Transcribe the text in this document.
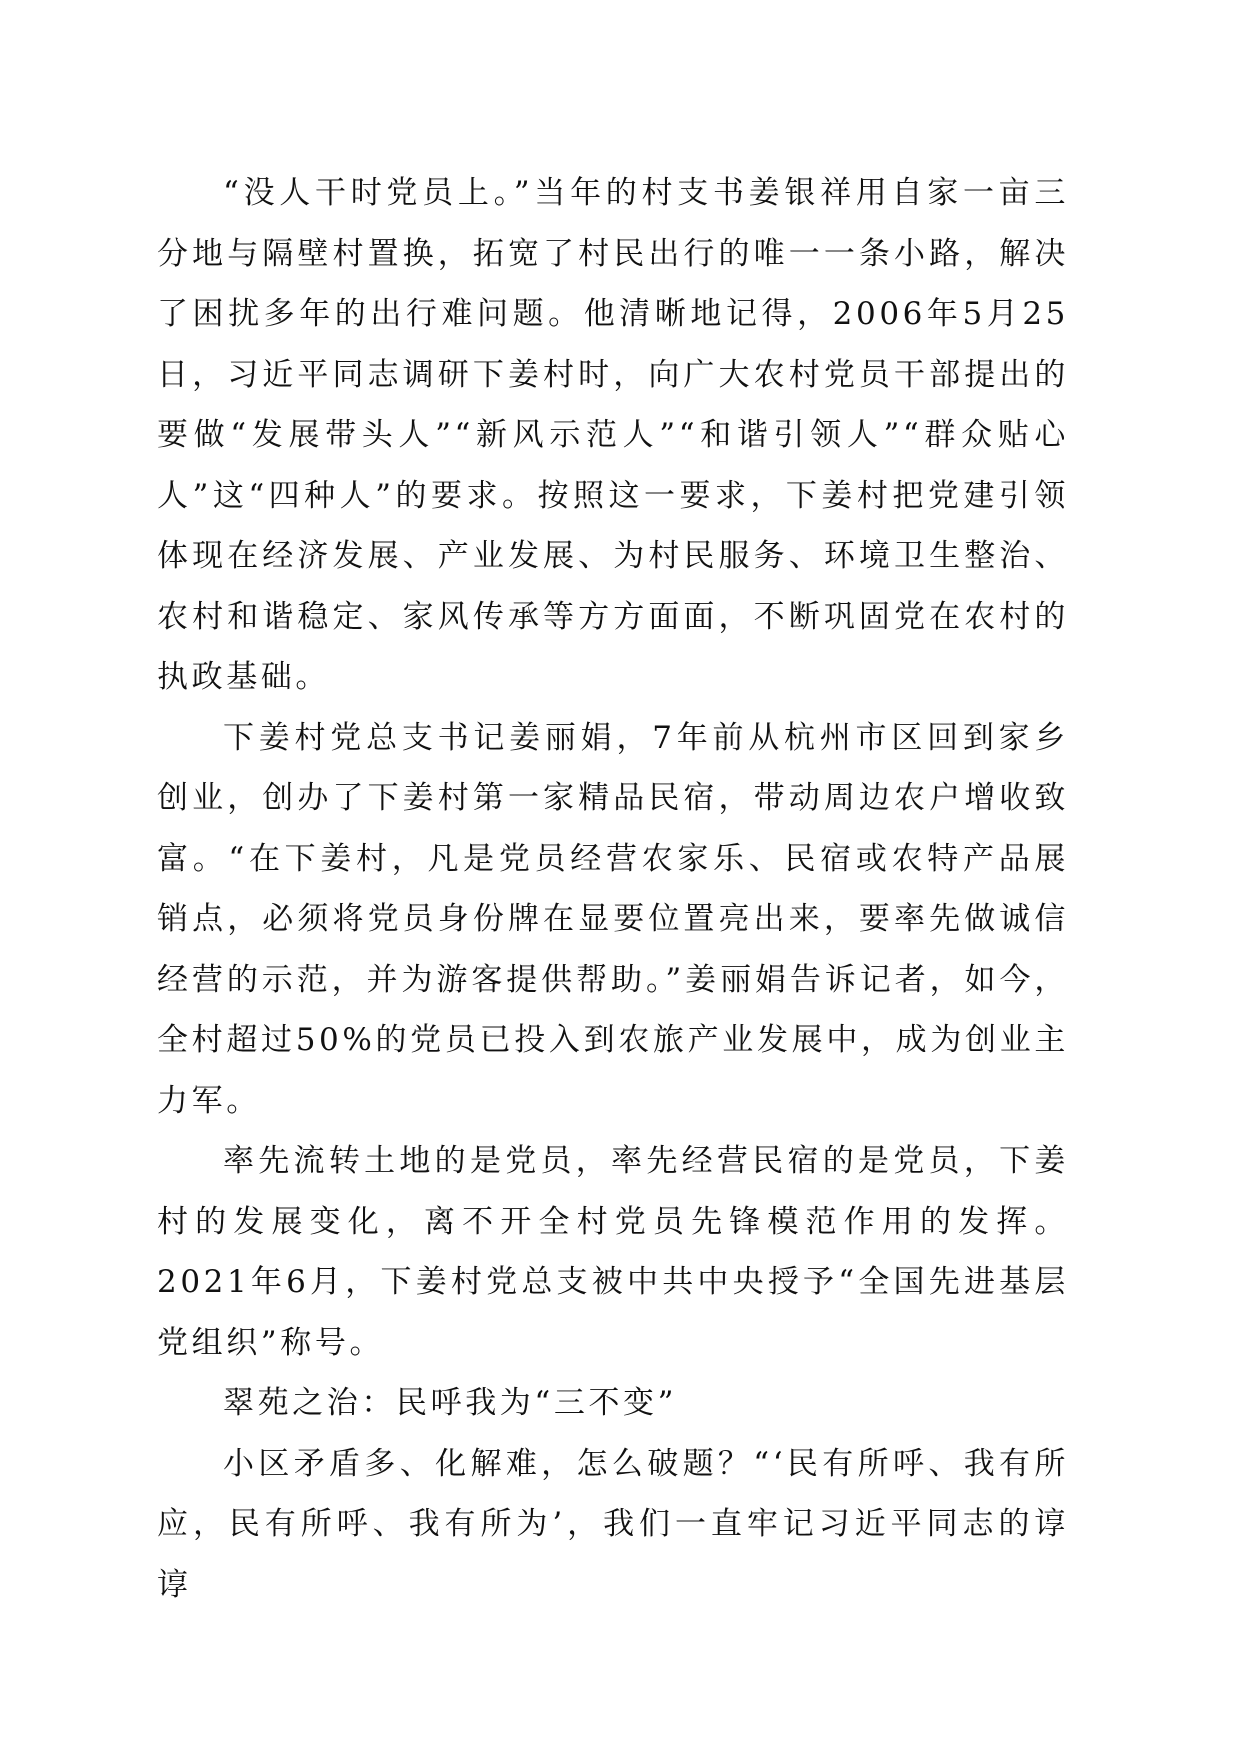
“没人干时党员上。”当年的村支书姜银祥用自家一亩三分地与隔壁村置换，拓宽了村民出行的唯一一条小路，解决了困扰多年的出行难问题。他清晰地记得，2006年5月25日，习近平同志调研下姜村时，向广大农村党员干部提出的要做“发展带头人”“新风示范人”“和谐引领人”“群众贴心人”这“四种人”的要求。按照这一要求，下姜村把党建引领体现在经济发展、产业发展、为村民服务、环境卫生整治、农村和谐稳定、家风传承等方方面面，不断巩固党在农村的执政基础。

下姜村党总支书记姜丽娟，7年前从杭州市区回到家乡创业，创办了下姜村第一家精品民宿，带动周边农户增收致富。“在下姜村，凡是党员经营农家乐、民宿或农特产品展销点，必须将党员身份牌在显要位置亮出来，要率先做诚信经营的示范，并为游客提供帮助。”姜丽娟告诉记者，如今，全村超过50%的党员已投入到农旅产业发展中，成为创业主力军。

率先流转土地的是党员，率先经营民宿的是党员，下姜村的发展变化，离不开全村党员先锋模范作用的发挥。2021年6月，下姜村党总支被中共中央授予“全国先进基层党组织”称号。

翠苑之治：民呼我为“三不变”

小区矛盾多、化解难，怎么破题？“‘民有所呼、我有所应，民有所呼、我有所为’，我们一直牢记习近平同志的谆谆
